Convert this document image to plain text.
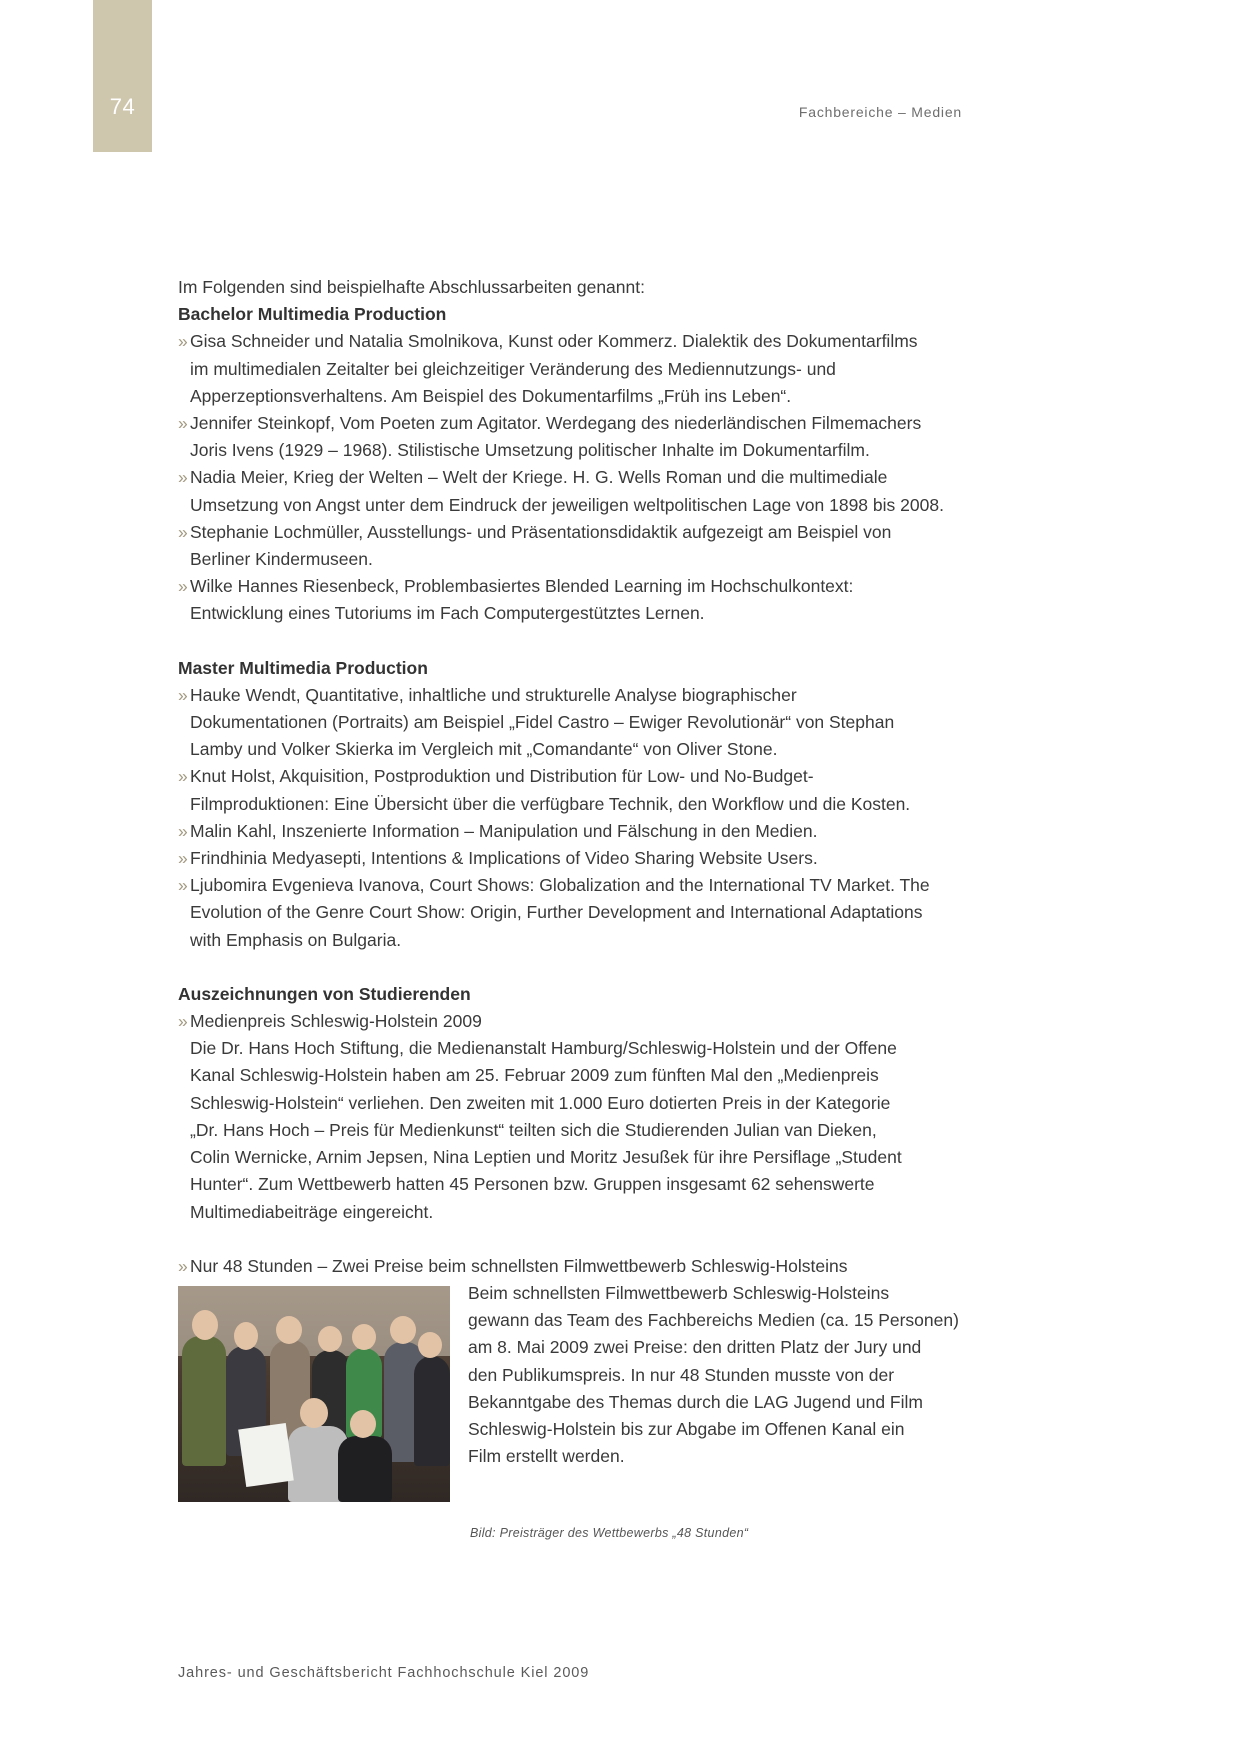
74	Fachbereiche – Medien

Im Folgenden sind beispielhafte Abschlussarbeiten genannt:

Bachelor Multimedia Production

» Gisa Schneider und Natalia Smolnikova, Kunst oder Kommerz. Dialektik des Dokumentarfilms
im multimedialen Zeitalter bei gleichzeitiger Veränderung des Mediennutzungs- und
Apperzeptionsverhaltens. Am Beispiel des Dokumentarfilms „Früh ins Leben“.
» Jennifer Steinkopf, Vom Poeten zum Agitator. Werdegang des niederländischen Filmemachers
Joris Ivens (1929 – 1968). Stilistische Umsetzung politischer Inhalte im Dokumentarfilm.
» Nadia Meier, Krieg der Welten – Welt der Kriege. H. G. Wells Roman und die multimediale
Umsetzung von Angst unter dem Eindruck der jeweiligen weltpolitischen Lage von 1898 bis 2008.
» Stephanie Lochmüller, Ausstellungs- und Präsentationsdidaktik aufgezeigt am Beispiel von
Berliner Kindermuseen.
» Wilke Hannes Riesenbeck, Problembasiertes Blended Learning im Hochschulkontext:
Entwicklung eines Tutoriums im Fach Computergestütztes Lernen.

Master Multimedia Production

» Hauke Wendt, Quantitative, inhaltliche und strukturelle Analyse biographischer
Dokumentationen (Portraits) am Beispiel „Fidel Castro – Ewiger Revolutionär“ von Stephan
Lamby und Volker Skierka im Vergleich mit „Comandante“ von Oliver Stone.
» Knut Holst, Akquisition, Postproduktion und Distribution für Low- und No-Budget-
Filmproduktionen: Eine Übersicht über die verfügbare Technik, den Workflow und die Kosten.
» Malin Kahl, Inszenierte Information – Manipulation und Fälschung in den Medien.
» Frindhinia Medyasepti, Intentions & Implications of Video Sharing Website Users.
» Ljubomira Evgenieva Ivanova, Court Shows: Globalization and the International TV Market. The
Evolution of the Genre Court Show: Origin, Further Development and International Adaptations
with Emphasis on Bulgaria.

Auszeichnungen von Studierenden

» Medienpreis Schleswig-Holstein 2009
Die Dr. Hans Hoch Stiftung, die Medienanstalt Hamburg/Schleswig-Holstein und der Offene
Kanal Schleswig-Holstein haben am 25. Februar 2009 zum fünften Mal den „Medienpreis
Schleswig-Holstein“ verliehen. Den zweiten mit 1.000 Euro dotierten Preis in der Kategorie
„Dr. Hans Hoch – Preis für Medienkunst“ teilten sich die Studierenden Julian van Dieken,
Colin Wernicke, Arnim Jepsen, Nina Leptien und Moritz Jesußek für ihre Persiflage „Student
Hunter“. Zum Wettbewerb hatten 45 Personen bzw. Gruppen insgesamt 62 sehenswerte
Multimediabeiträge eingereicht.
» Nur 48 Stunden – Zwei Preise beim schnellsten Filmwettbewerb Schleswig-Holsteins
Beim schnellsten Filmwettbewerb Schleswig-Holsteins
gewann das Team des Fachbereichs Medien (ca. 15 Personen)
am 8. Mai 2009 zwei Preise: den dritten Platz der Jury und
den Publikumspreis. In nur 48 Stunden musste von der
Bekanntgabe des Themas durch die LAG Jugend und Film
Schleswig-Holstein bis zur Abgabe im Offenen Kanal ein
Film erstellt werden.
Bild: Preisträger des Wettbewerbs „48 Stunden“
Jahres- und Geschäftsbericht Fachhochschule Kiel 2009
